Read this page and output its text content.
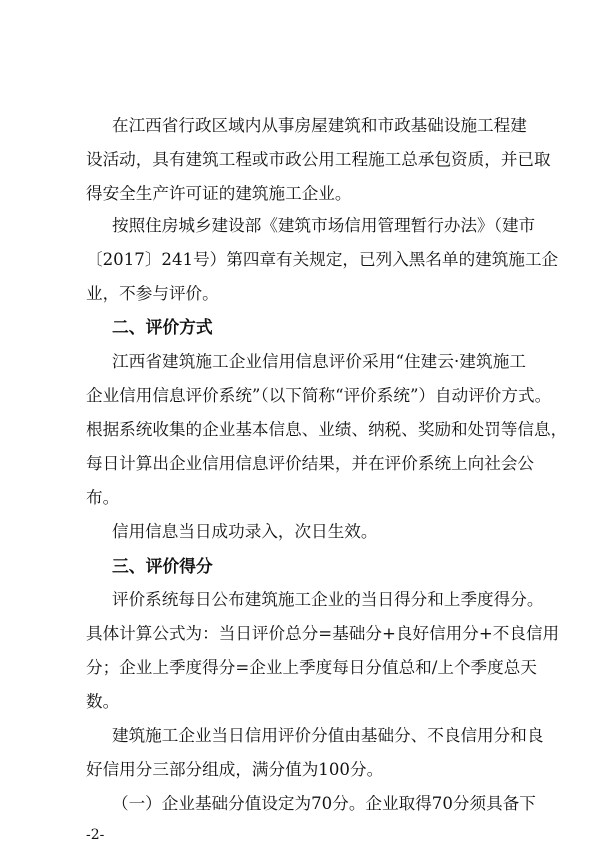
在江西省行政区域内从事房屋建筑和市政基础设施工程建

设活动，具有建筑工程或市政公用工程施工总承包资质，并已取

得安全生产许可证的建筑施工企业。

按照住房城乡建设部《建筑市场信用管理暂行办法》（建市

〔2017〕241号）第四章有关规定，已列入黑名单的建筑施工企

业，不参与评价。

二、评价方式

江西省建筑施工企业信用信息评价采用“住建云·建筑施工

企业信用信息评价系统”（以下简称“评价系统”）自动评价方式。

根据系统收集的企业基本信息、业绩、纳税、奖励和处罚等信息，

每日计算出企业信用信息评价结果，并在评价系统上向社会公

布。

信用信息当日成功录入，次日生效。

三、评价得分

评价系统每日公布建筑施工企业的当日得分和上季度得分。

具体计算公式为：当日评价总分=基础分+良好信用分+不良信用

分；企业上季度得分=企业上季度每日分值总和/上个季度总天

数。

建筑施工企业当日信用评价分值由基础分、不良信用分和良

好信用分三部分组成，满分值为100分。

（一）企业基础分值设定为70分。企业取得70分须具备下

-2-
